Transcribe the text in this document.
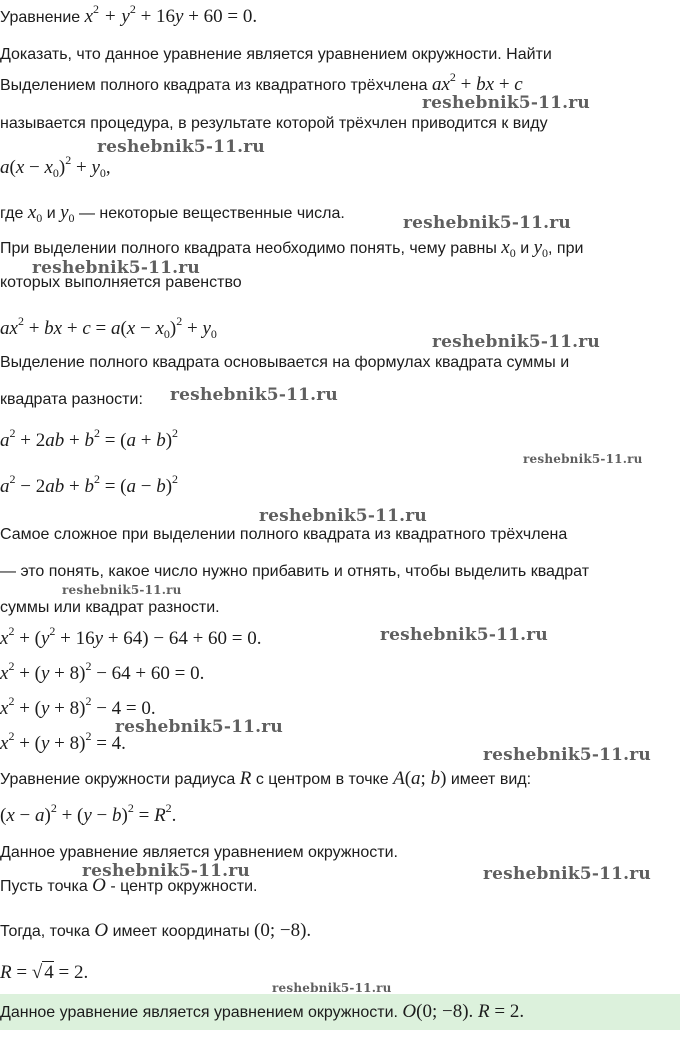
Уравнение $x^2 + y^2 + 16y + 60 = 0$.
Доказать, что данное уравнение является уравнением окружности. Найти
Выделением полного квадрата из квадратного трёхчлена $ax^2$ + bx + c
называется процедура, в результате которой трёхчлен приводится к виду
$a(x - x_0)^2 + y_0$,
где $x_0$ и $y_0$ — некоторые вещественные числа.
При выделении полного квадрата необходимо понять, чему равны $x_0$ и $y_0$, при
которых выполняется равенство
$ax^2$ + bx + $c = a(x - x_0)^2 + y_0$
Выделение полного квадрата основывается на формулах квадрата суммы и
квадрата разности:
$a^2 + 2ab + b^2 = (a + b)^2$
$a^2 - 2ab + b^2 = (a - b)^2$
Самое сложное при выделении полного квадрата из квадратного трёхчлена
— это понять, какое число нужно прибавить и отнять, чтобы выделить квадрат
суммы или квадрат разности.
$x^2 + (y^2 + 16y + 64) - 64 + 60 = 0$.
$x^2 + (y + 8)^2 - 64 + 60 = 0$.
$x^2 + (y + 8)^2 - 4 = 0$.
$x^2 + (y + 8)^2 = 4$.
Уравнение окружности радиуса R с центром в точке A(a; b) имеет вид:
$(x - a)^2 + (y - b)^2 = R^2$.
Данное уравнение является уравнением окружности.
Пусть точка O - центр окружности.
Тогда, точка O имеет координаты (0; −8).
R = √ 4 = 2.
Данное уравнение является уравнением окружности. O(0; −8). R = 2.
reshebnik5-11.ru
reshebnik5-11.ru
reshebnik5-11.ru
reshebnik5-11.ru
reshebnik5-11.ru
reshebnik5-11.ru
reshebnik5-11.ru
reshebnik5-11.ru
reshebnik5-11.ru
reshebnik5-11.ru
reshebnik5-11.ru
reshebnik5-11.ru
reshebnik5-11.ru	reshebnik5-11.ru
reshebnik5-11.ru
